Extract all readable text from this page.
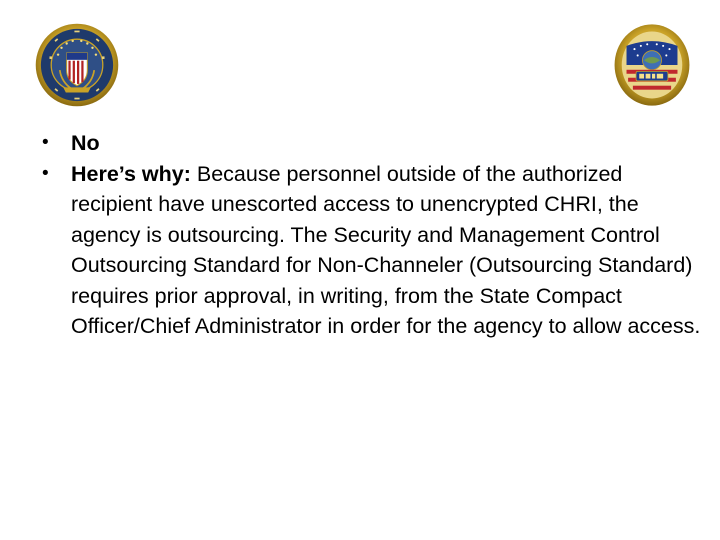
•	No
•	Here’s why: Because personnel outside of the authorized recipient have unescorted access to unencrypted CHRI, the agency is outsourcing. The Security and Management Control Outsourcing Standard for Non-Channeler (Outsourcing Standard) requires prior approval, in writing, from the State Compact Officer/Chief Administrator in order for the agency to allow access.
